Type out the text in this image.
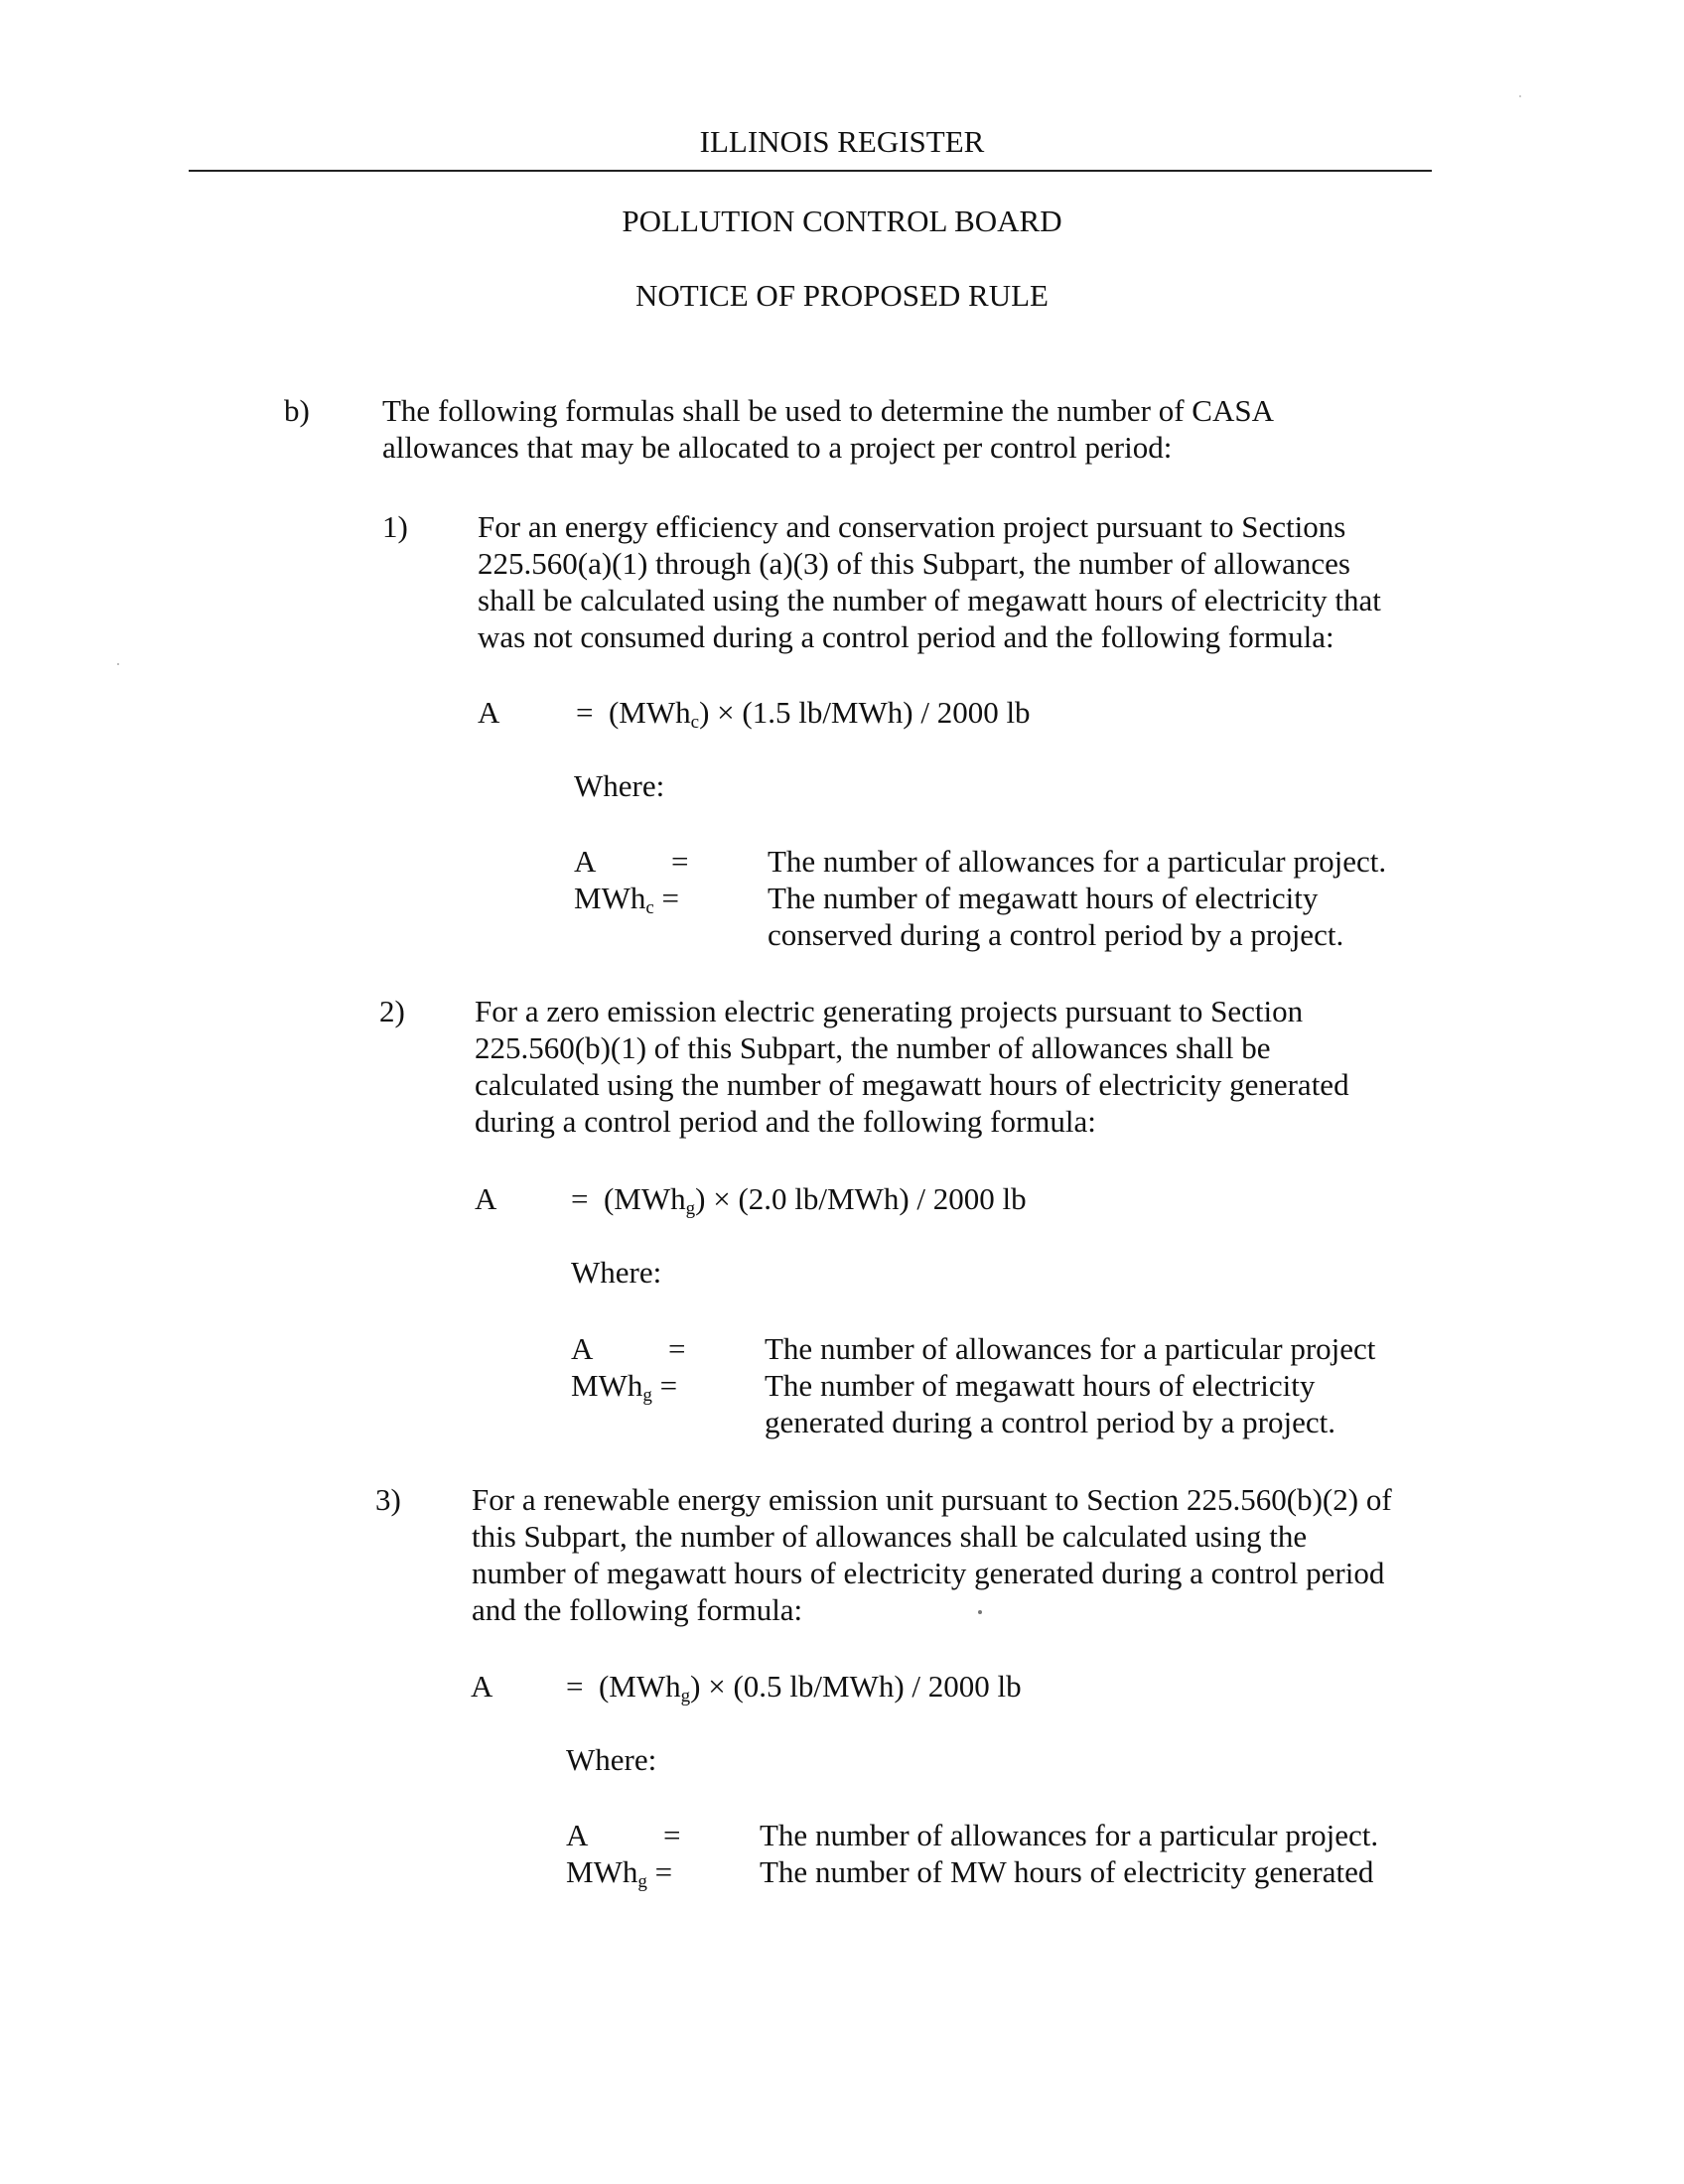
ILLINOIS REGISTER
POLLUTION CONTROL BOARD
NOTICE OF PROPOSED RULE
b) The following formulas shall be used to determine the number of CASA
allowances that may be allocated to a project per control period:
1) For an energy efficiency and conservation project pursuant to Sections
225.560(a)(1) through (a)(3) of this Subpart, the number of allowances
shall be calculated using the number of megawatt hours of electricity that
was not consumed during a control period and the following formula:
A = (MWh$_c$) × (1.5 lb/MWh) / 2000 lb
Where:
A =	The number of allowances for a particular project.
MWh$_c$ =	The number of megawatt hours of electricity
conserved during a control period by a project.
2) For a zero emission electric generating projects pursuant to Section
225.560(b)(1) of this Subpart, the number of allowances shall be
calculated using the number of megawatt hours of electricity generated
during a control period and the following formula:
A = (MWh$_g$) × (2.0 lb/MWh) / 2000 lb
Where:
A =	The number of allowances for a particular project
MWh$_g$ =	The number of megawatt hours of electricity
generated during a control period by a project.
3) For a renewable energy emission unit pursuant to Section 225.560(b)(2) of
this Subpart, the number of allowances shall be calculated using the
number of megawatt hours of electricity generated during a control period
and the following formula:
A = (MWh$_g$) × (0.5 lb/MWh) / 2000 lb
Where:
A =	The number of allowances for a particular project.
MWh$_g$ =	The number of MW hours of electricity generated
